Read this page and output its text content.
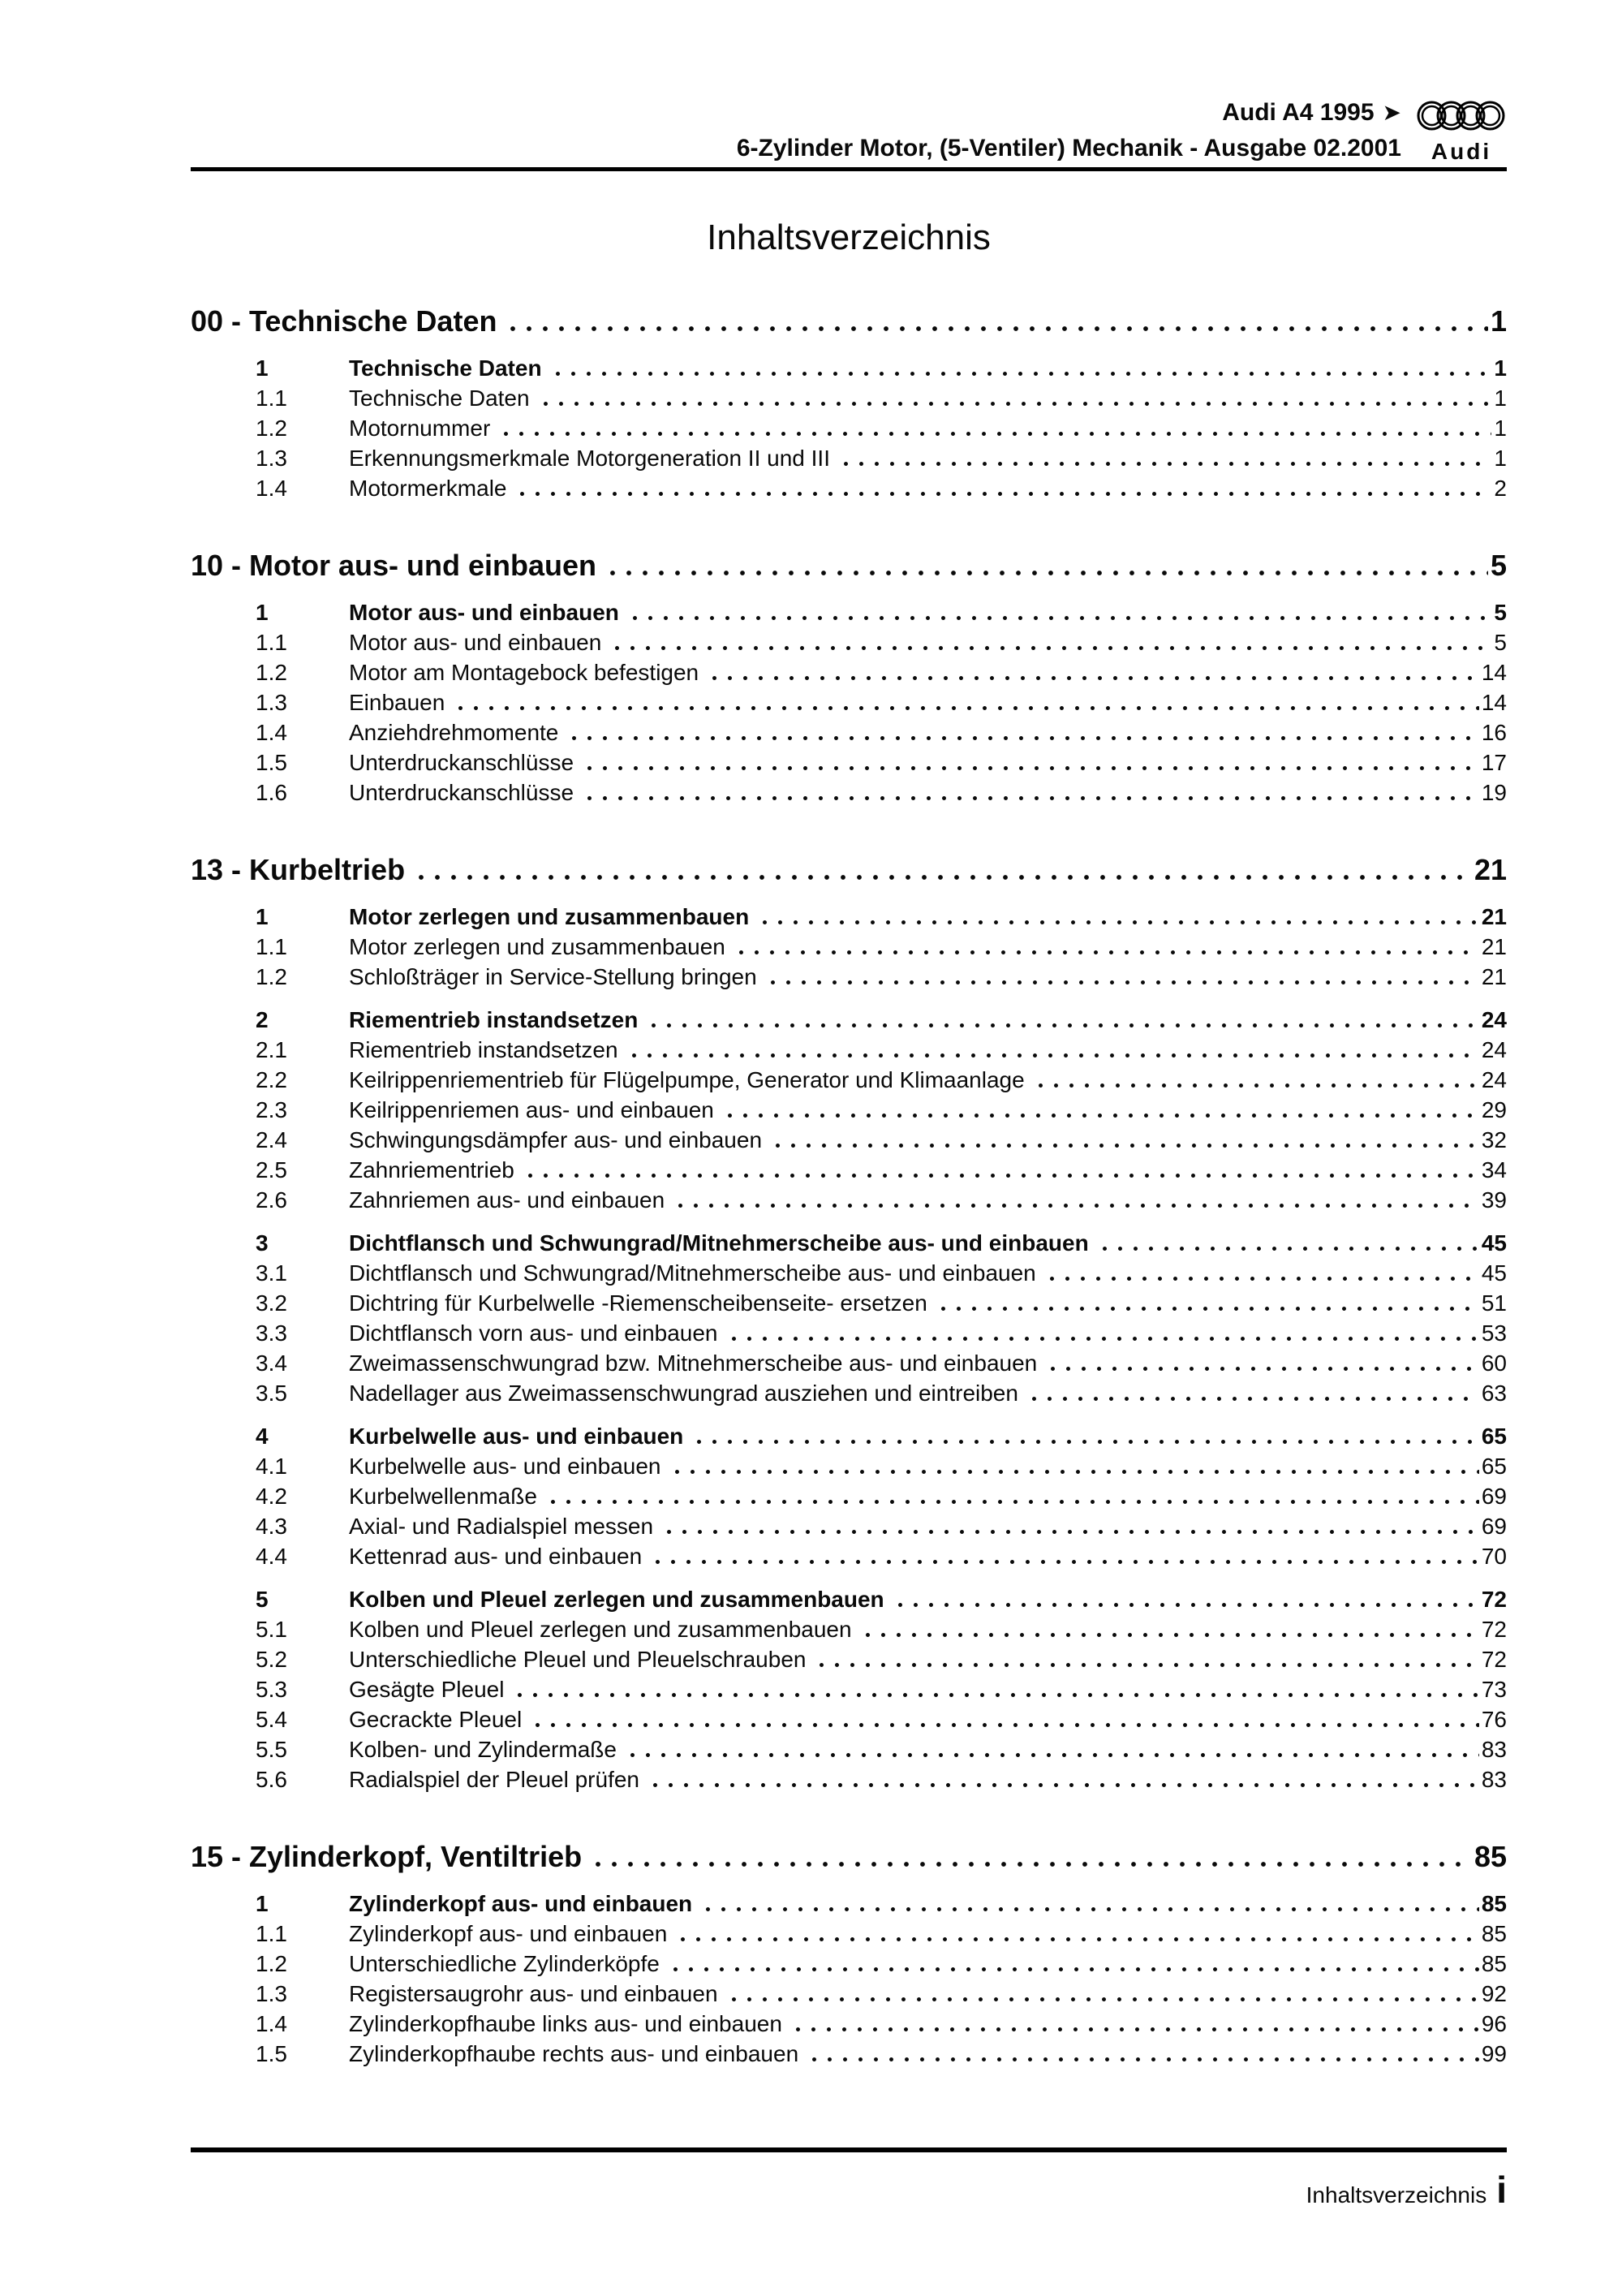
Audi A4 1995 ➤
6-Zylinder Motor, (5-Ventiler) Mechanik - Ausgabe 02.2001 Audi
Inhaltsverzeichnis
00 - Technische Daten	1
1	Technische Daten	1
1.1	Technische Daten	1
1.2	Motornummer	1
1.3	Erkennungsmerkmale Motorgeneration II und III	1
1.4	Motormerkmale	2
10 - Motor aus- und einbauen	5
1	Motor aus- und einbauen	5
1.1	Motor aus- und einbauen	5
1.2	Motor am Montagebock befestigen	14
1.3	Einbauen	14
1.4	Anziehdrehmomente	16
1.5	Unterdruckanschlüsse	17
1.6	Unterdruckanschlüsse	19
13 - Kurbeltrieb	21
1	Motor zerlegen und zusammenbauen	21
1.1	Motor zerlegen und zusammenbauen	21
1.2	Schloßträger in Service-Stellung bringen	21
2	Riementrieb instandsetzen	24
2.1	Riementrieb instandsetzen	24
2.2	Keilrippenriementrieb für Flügelpumpe, Generator und Klimaanlage	24
2.3	Keilrippenriemen aus- und einbauen	29
2.4	Schwingungsdämpfer aus- und einbauen	32
2.5	Zahnriementrieb	34
2.6	Zahnriemen aus- und einbauen	39
3	Dichtflansch und Schwungrad/Mitnehmerscheibe aus- und einbauen	45
3.1	Dichtflansch und Schwungrad/Mitnehmerscheibe aus- und einbauen	45
3.2	Dichtring für Kurbelwelle -Riemenscheibenseite- ersetzen	51
3.3	Dichtflansch vorn aus- und einbauen	53
3.4	Zweimassenschwungrad bzw. Mitnehmerscheibe aus- und einbauen	60
3.5	Nadellager aus Zweimassenschwungrad ausziehen und eintreiben	63
4	Kurbelwelle aus- und einbauen	65
4.1	Kurbelwelle aus- und einbauen	65
4.2	Kurbelwellenmaße	69
4.3	Axial- und Radialspiel messen	69
4.4	Kettenrad aus- und einbauen	70
5	Kolben und Pleuel zerlegen und zusammenbauen	72
5.1	Kolben und Pleuel zerlegen und zusammenbauen	72
5.2	Unterschiedliche Pleuel und Pleuelschrauben	72
5.3	Gesägte Pleuel	73
5.4	Gecrackte Pleuel	76
5.5	Kolben- und Zylindermaße	83
5.6	Radialspiel der Pleuel prüfen	83
15 - Zylinderkopf, Ventiltrieb	85
1	Zylinderkopf aus- und einbauen	85
1.1	Zylinderkopf aus- und einbauen	85
1.2	Unterschiedliche Zylinderköpfe	85
1.3	Registersaugrohr aus- und einbauen	92
1.4	Zylinderkopfhaube links aus- und einbauen	96
1.5	Zylinderkopfhaube rechts aus- und einbauen	99
Inhaltsverzeichnis i
